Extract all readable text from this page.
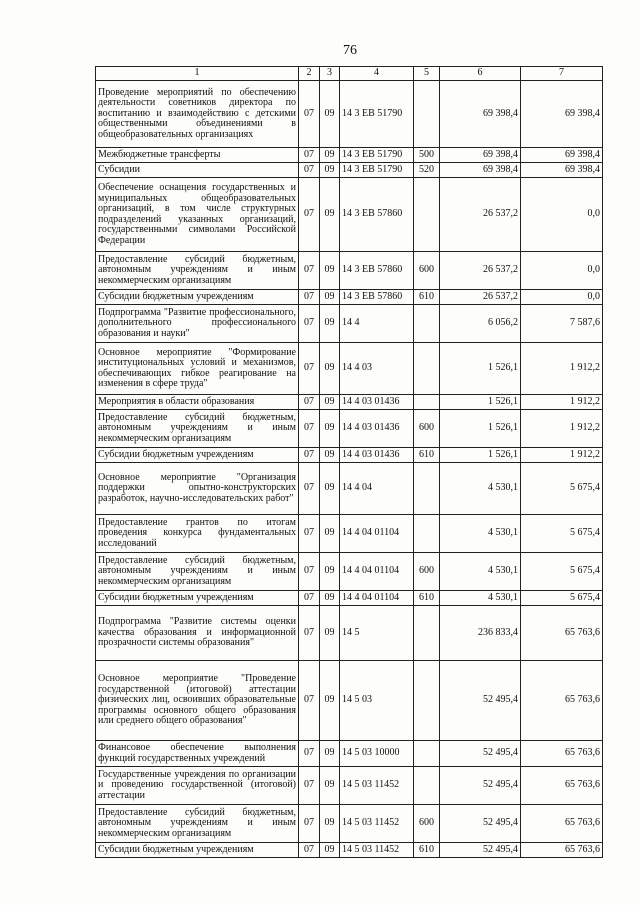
76
1	2	3	4	5	6	7
Проведение мероприятий по обеспечению деятельности советников директора по воспитанию и взаимодействию с детскими общественными объединениями в общеобразовательных организациях	07	09	14 3 ЕВ 51790		69 398,4	69 398,4
Межбюджетные трансферты	07	09	14 3 ЕВ 51790	500	69 398,4	69 398,4
Субсидии	07	09	14 3 ЕВ 51790	520	69 398,4	69 398,4
Обеспечение оснащения государственных и муниципальных общеобразовательных организаций, в том числе структурных подразделений указанных организаций, государственными символами Российской Федерации	07	09	14 3 ЕВ 57860		26 537,2	0,0
Предоставление субсидий бюджетным, автономным учреждениям и иным некоммерческим организациям	07	09	14 3 ЕВ 57860	600	26 537,2	0,0
Субсидии бюджетным учреждениям	07	09	14 3 ЕВ 57860	610	26 537,2	0,0
Подпрограмма "Развитие профессионального, дополнительного профессионального образования и науки"	07	09	14 4		6 056,2	7 587,6
Основное мероприятие "Формирование институциональных условий и механизмов, обеспечивающих гибкое реагирование на изменения в сфере труда"	07	09	14 4 03		1 526,1	1 912,2
Мероприятия в области образования	07	09	14 4 03 01436		1 526,1	1 912,2
Предоставление субсидий бюджетным, автономным учреждениям и иным некоммерческим организациям	07	09	14 4 03 01436	600	1 526,1	1 912,2
Субсидии бюджетным учреждениям	07	09	14 4 03 01436	610	1 526,1	1 912,2
Основное мероприятие "Организация поддержки опытно-конструкторских разработок, научно-исследовательских работ"	07	09	14 4 04		4 530,1	5 675,4
Предоставление грантов по итогам проведения конкурса фундаментальных исследований	07	09	14 4 04 01104		4 530,1	5 675,4
Предоставление субсидий бюджетным, автономным учреждениям и иным некоммерческим организациям	07	09	14 4 04 01104	600	4 530,1	5 675,4
Субсидии бюджетным учреждениям	07	09	14 4 04 01104	610	4 530,1	5 675,4
Подпрограмма "Развитие системы оценки качества образования и информационной прозрачности системы образования"	07	09	14 5		236 833,4	65 763,6
Основное мероприятие "Проведение государственной (итоговой) аттестации физических лиц, освоивших образовательные программы основного общего образования или среднего общего образования"	07	09	14 5 03		52 495,4	65 763,6
Финансовое обеспечение выполнения функций государственных учреждений	07	09	14 5 03 10000		52 495,4	65 763,6
Государственные учреждения по организации и проведению государственной (итоговой) аттестации	07	09	14 5 03 11452		52 495,4	65 763,6
Предоставление субсидий бюджетным, автономным учреждениям и иным некоммерческим организациям	07	09	14 5 03 11452	600	52 495,4	65 763,6
Субсидии бюджетным учреждениям	07	09	14 5 03 11452	610	52 495,4	65 763,6
